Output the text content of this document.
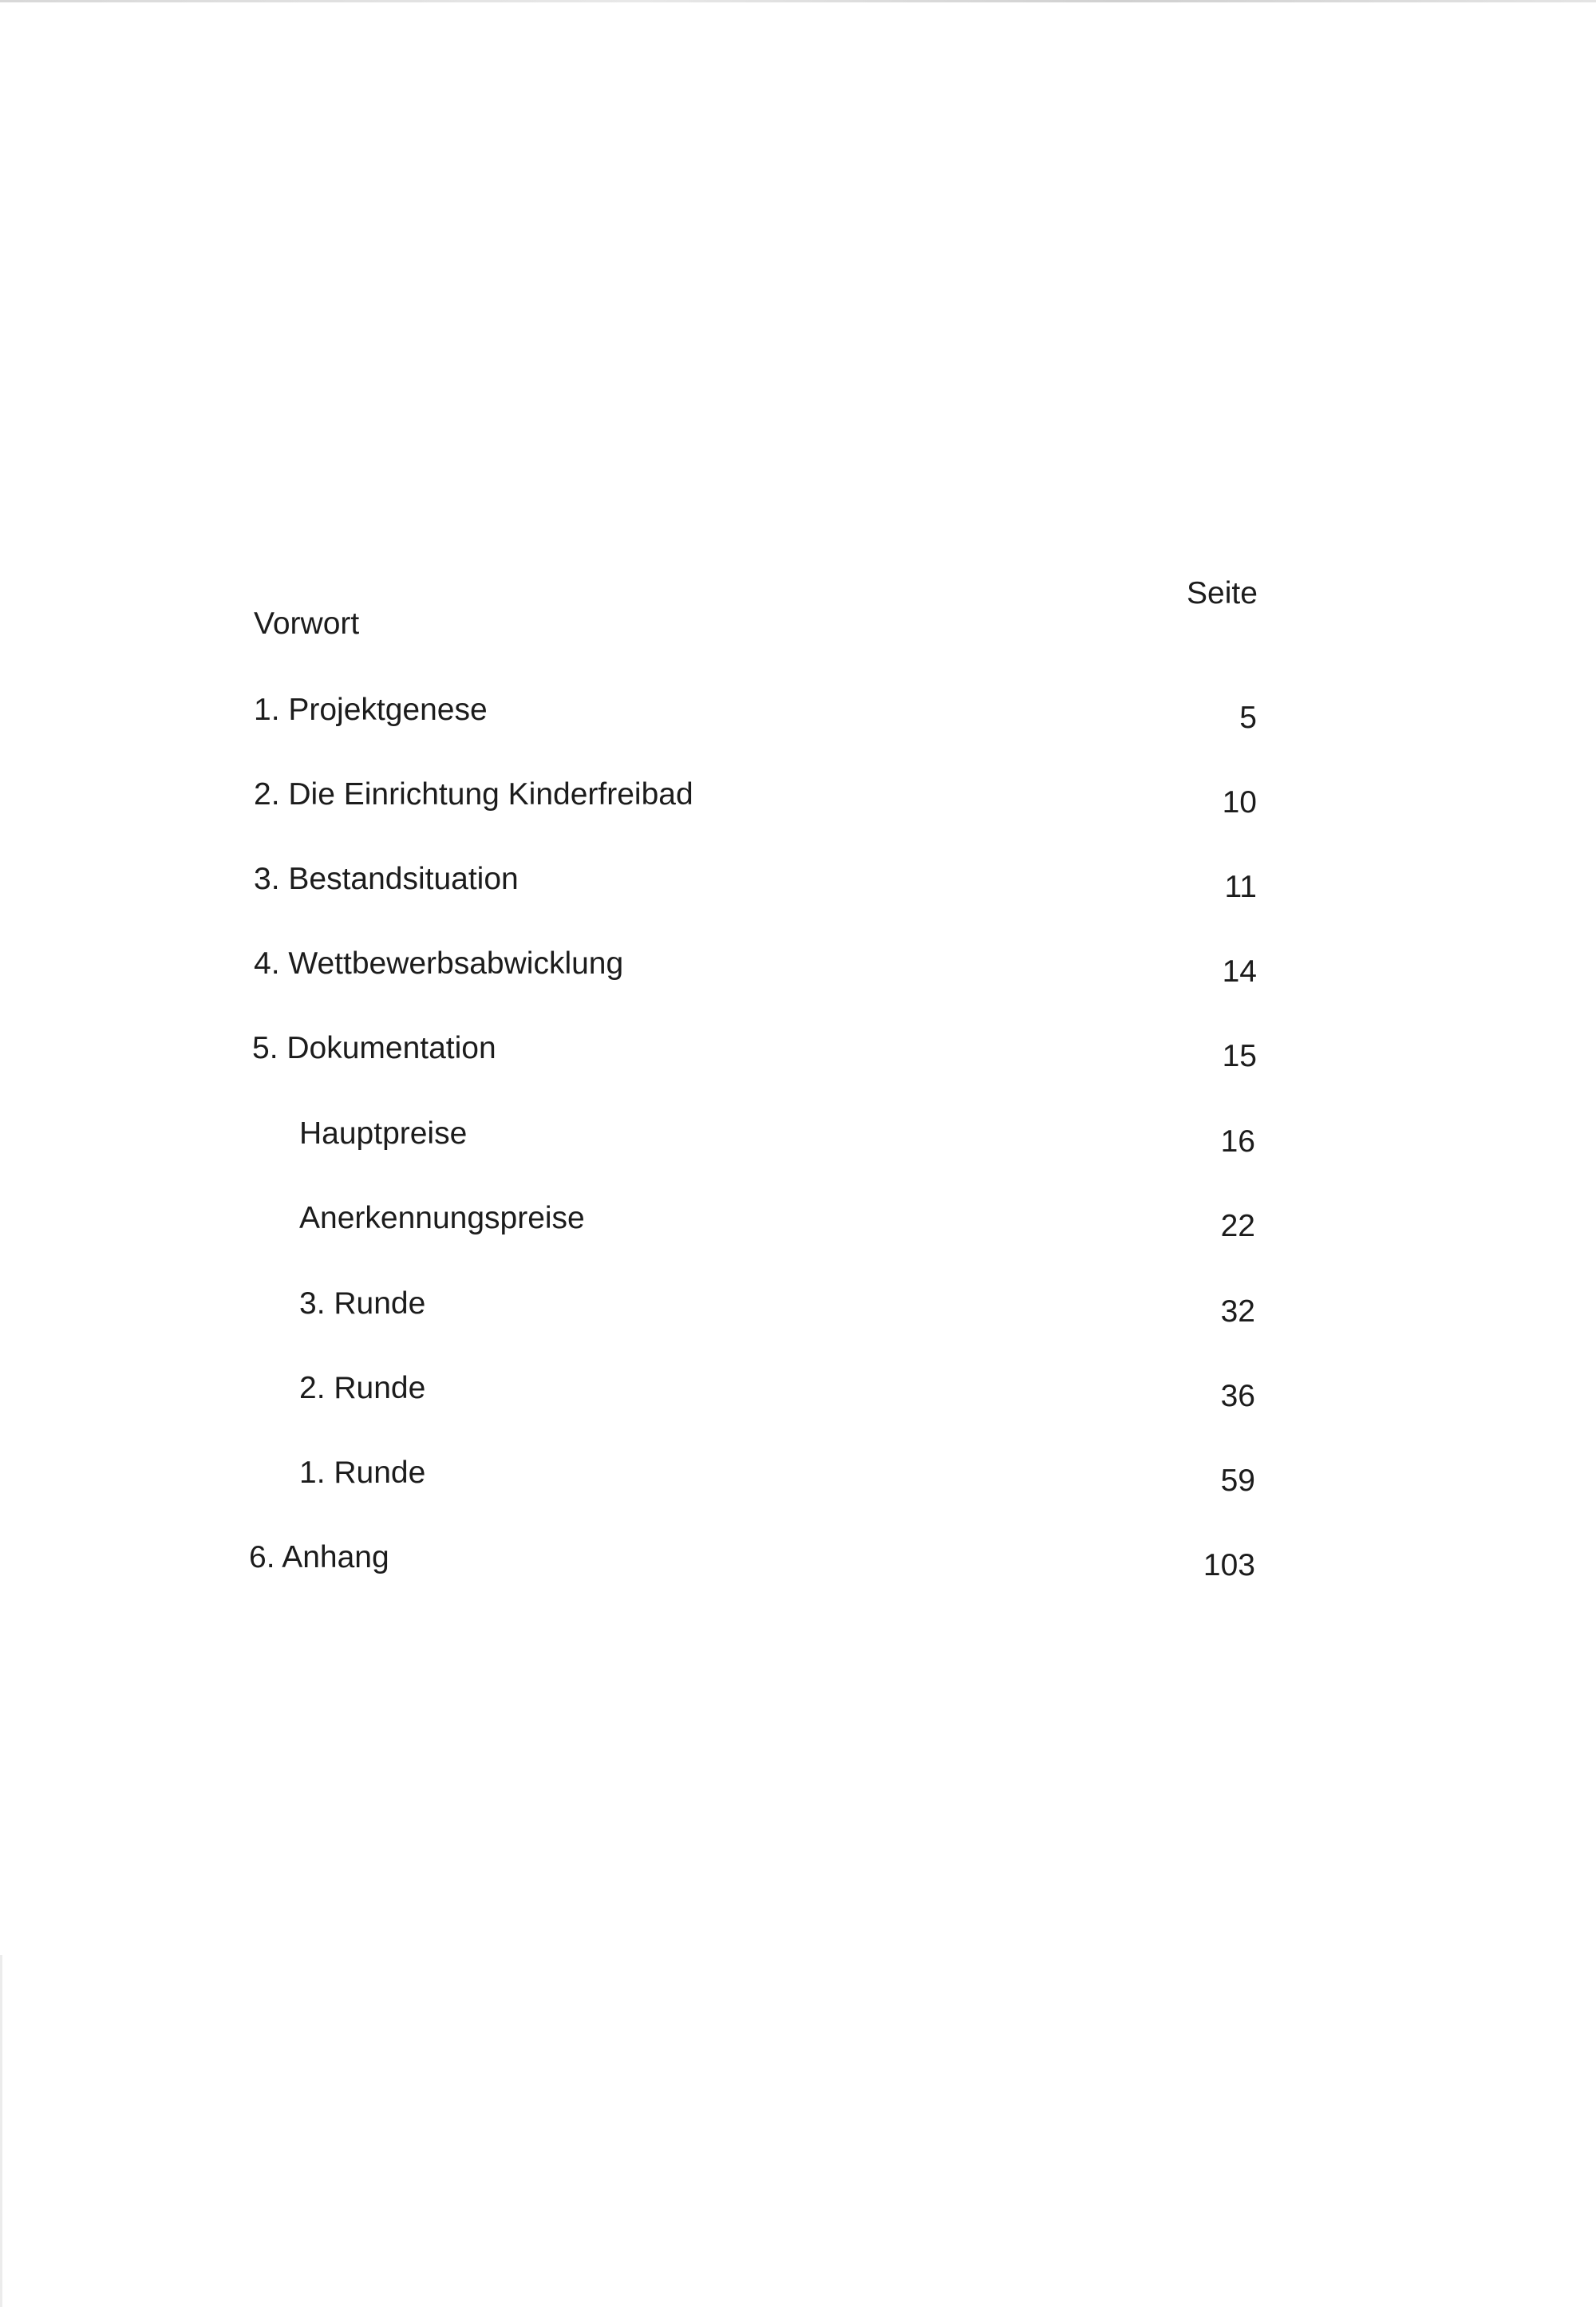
Seite
Vorwort
1. Projektgenese	5
2. Die Einrichtung Kinderfreibad	10
3. Bestandsituation	11
4. Wettbewerbsabwicklung	14
5. Dokumentation	15
Hauptpreise	16
Anerkennungspreise	22
3. Runde	32
2. Runde	36
1. Runde	59
6. Anhang	103
